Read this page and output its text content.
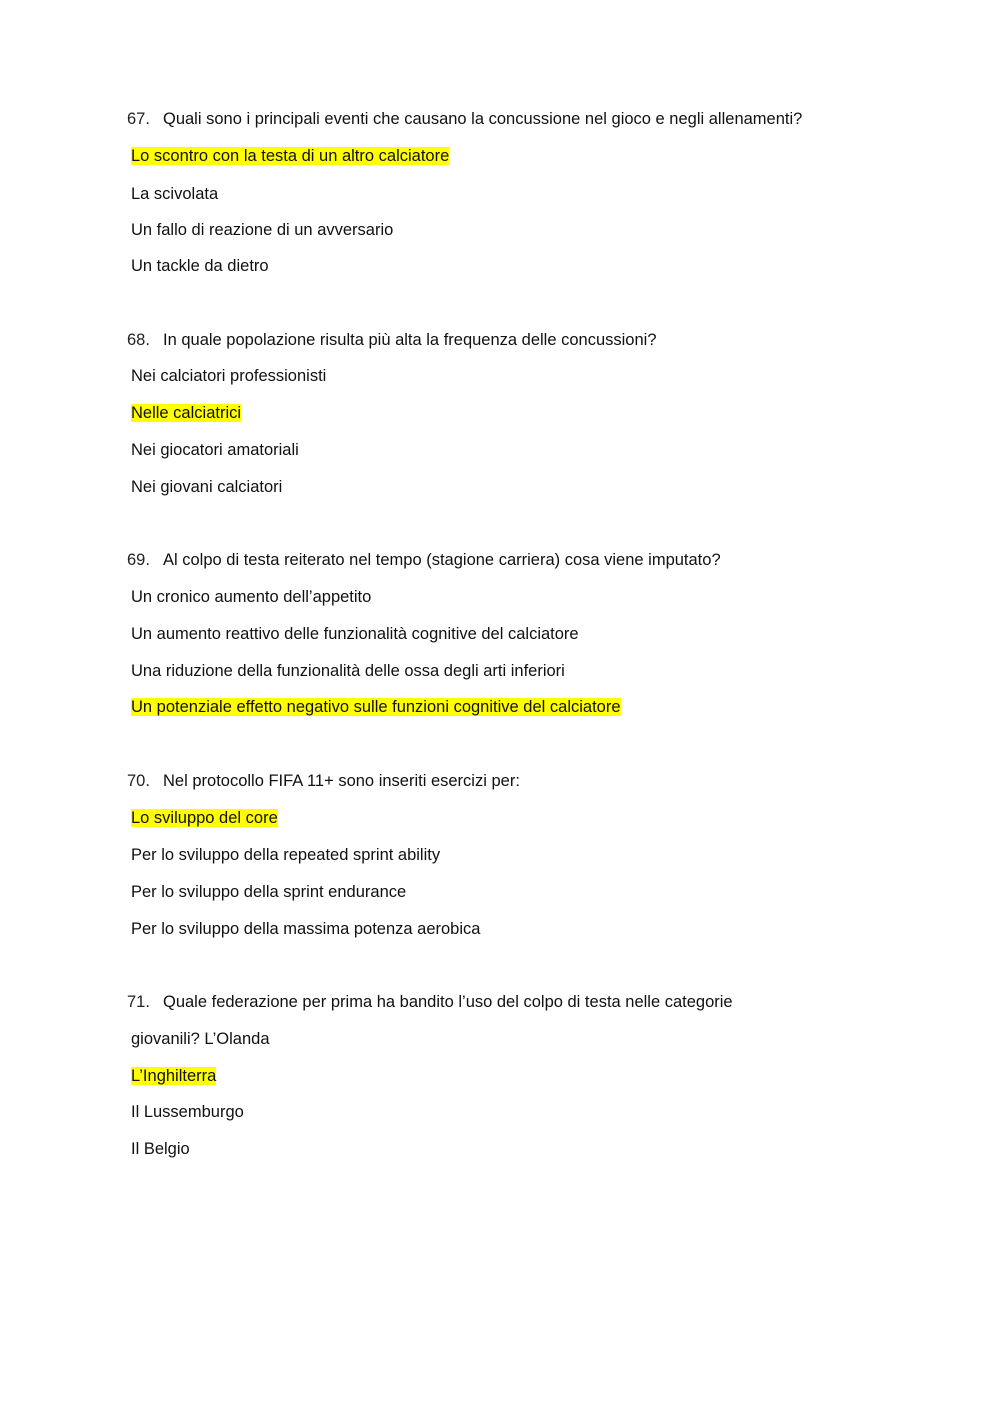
67. Quali sono i principali eventi che causano la concussione nel gioco e negli allenamenti?
Lo scontro con la testa di un altro calciatore
La scivolata
Un fallo di reazione di un avversario
Un tackle da dietro
68. In quale popolazione risulta più alta la frequenza delle concussioni?
Nei calciatori professionisti
Nelle calciatrici
Nei giocatori amatoriali
Nei giovani calciatori
69. Al colpo di testa reiterato nel tempo (stagione carriera) cosa viene imputato?
Un cronico aumento dell’appetito
Un aumento reattivo delle funzionalità cognitive del calciatore
Una riduzione della funzionalità delle ossa degli arti inferiori
Un potenziale effetto negativo sulle funzioni cognitive del calciatore
70. Nel protocollo FIFA 11+ sono inseriti esercizi per:
Lo sviluppo del core
Per lo sviluppo della repeated sprint ability
Per lo sviluppo della sprint endurance
Per lo sviluppo della massima potenza aerobica
71. Quale federazione per prima ha bandito l’uso del colpo di testa nelle categorie
giovanili? L’Olanda
L’Inghilterra
Il Lussemburgo
Il Belgio
